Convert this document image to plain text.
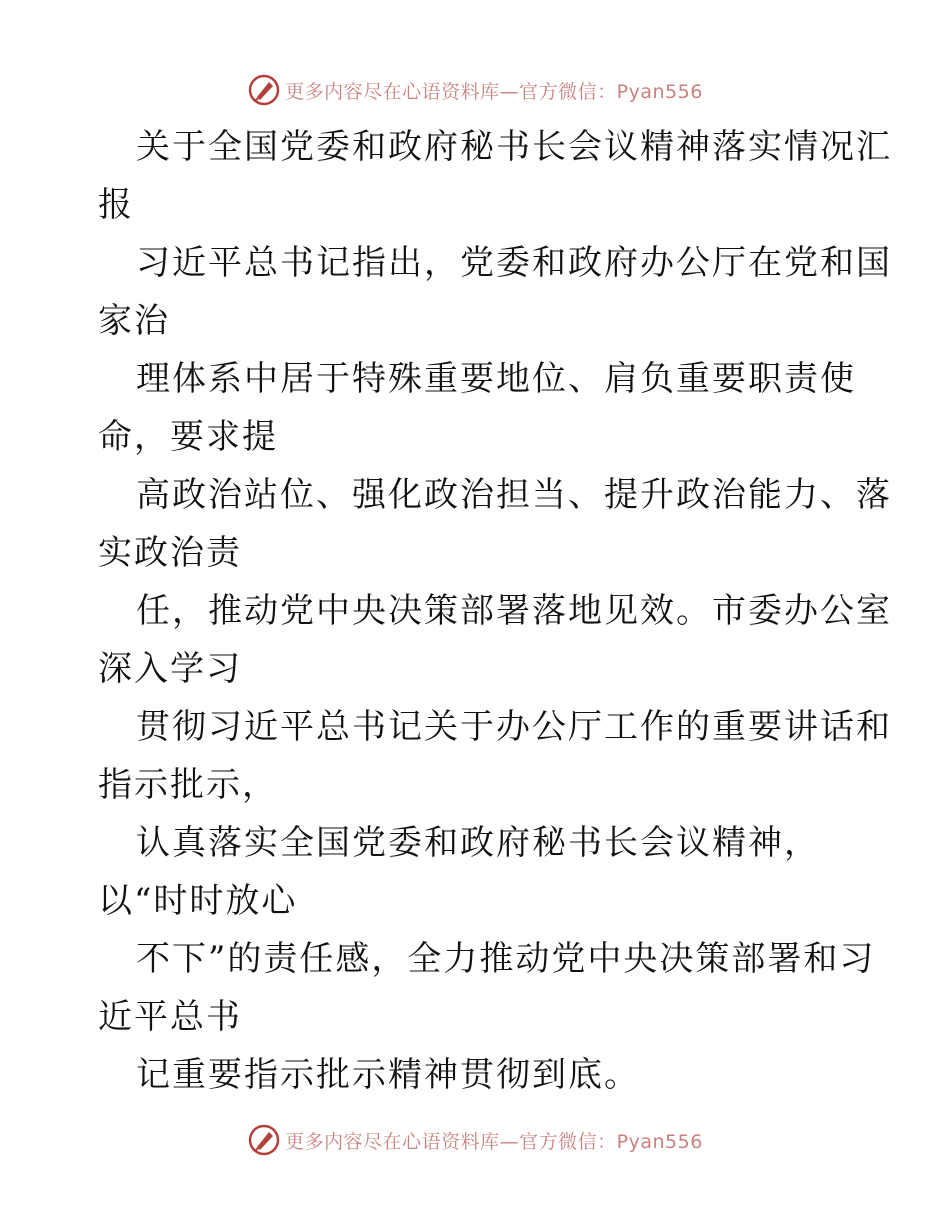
更多内容尽在心语资料库—官方微信：Pyan556
关于全国党委和政府秘书长会议精神落实情况汇
报
习近平总书记指出，党委和政府办公厅在党和国
家治
理体系中居于特殊重要地位、肩负重要职责使
命，要求提
高政治站位、强化政治担当、提升政治能力、落
实政治责
任，推动党中央决策部署落地见效。市委办公室
深入学习
贯彻习近平总书记关于办公厅工作的重要讲话和
指示批示，
认真落实全国党委和政府秘书长会议精神，
以“时时放心
不下”的责任感，全力推动党中央决策部署和习
近平总书
记重要指示批示精神贯彻到底。
更多内容尽在心语资料库—官方微信：Pyan556
